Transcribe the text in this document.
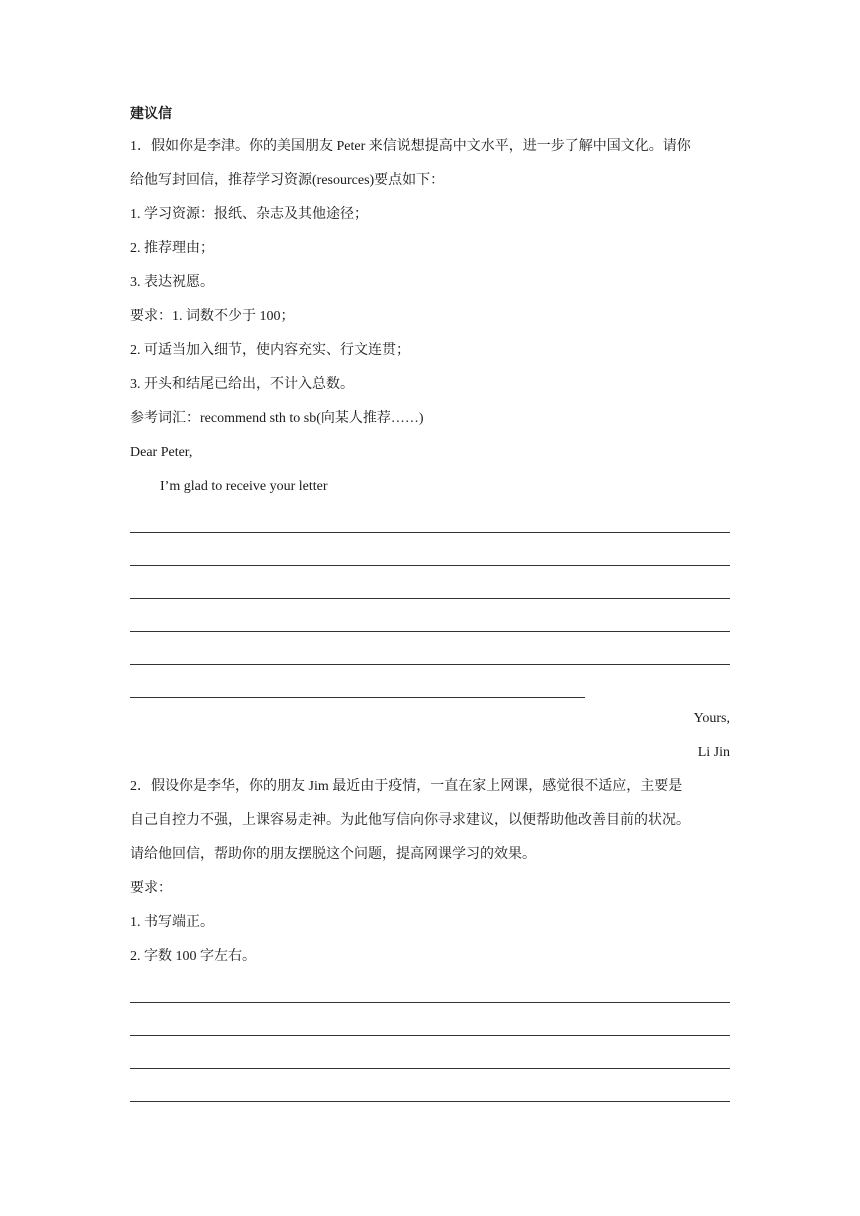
建议信
1．假如你是李津。你的美国朋友 Peter 来信说想提高中文水平，进一步了解中国文化。请你
给他写封回信，推荐学习资源(resources)要点如下：
1. 学习资源：报纸、杂志及其他途径；
2. 推荐理由；
3. 表达祝愿。
要求：1. 词数不少于 100；
2. 可适当加入细节，使内容充实、行文连贯；
3. 开头和结尾已给出，不计入总数。
参考词汇：recommend sth to sb(向某人推荐……)
Dear Peter,
I’m glad to receive your letter
Yours,
Li Jin
2．假设你是李华，你的朋友 Jim 最近由于疫情，一直在家上网课，感觉很不适应，主要是
自己自控力不强，上课容易走神。为此他写信向你寻求建议，以便帮助他改善目前的状况。
请给他回信，帮助你的朋友摆脱这个问题，提高网课学习的效果。
要求：
1. 书写端正。
2. 字数 100 字左右。
